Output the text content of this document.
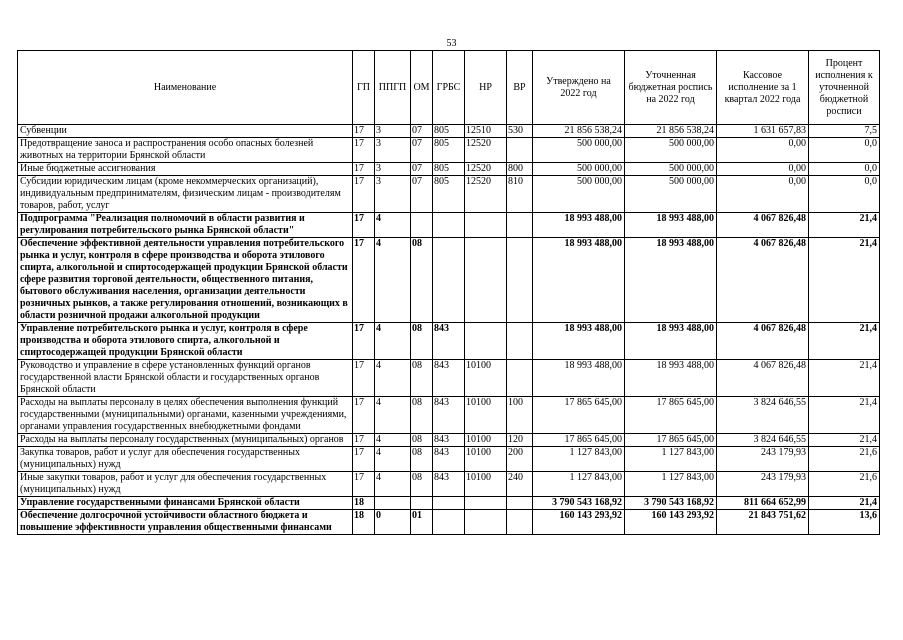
53
Наименование	ГП	ППГП	ОМ	ГРБС	НР	ВР	Утверждено на 2022 год	Уточненная бюджетная роспись на 2022 год	Кассовое исполнение за 1 квартал 2022 года	Процент исполнения к уточненной бюджетной росписи
Субвенции	17	3	07	805	12510	530	21 856 538,24	21 856 538,24	1 631 657,83	7,5
Предотвращение заноса и распространения особо опасных болезней животных на территории Брянской области	17	3	07	805	12520		500 000,00	500 000,00	0,00	0,0
Иные бюджетные ассигнования	17	3	07	805	12520	800	500 000,00	500 000,00	0,00	0,0
Субсидии юридическим лицам (кроме некоммерческих организаций), индивидуальным предпринимателям, физическим лицам - производителям товаров, работ, услуг	17	3	07	805	12520	810	500 000,00	500 000,00	0,00	0,0
Подпрограмма "Реализация полномочий в области развития и регулирования потребительского рынка Брянской области"	17	4					18 993 488,00	18 993 488,00	4 067 826,48	21,4
Обеспечение эффективной деятельности управления потребительского рынка и услуг, контроля в сфере производства и оборота этилового спирта, алкогольной и спиртосодержащей продукции Брянской области сфере развития торговой деятельности, общественного питания, бытового обслуживания населения, организации деятельности розничных рынков, а также регулирования отношений, возникающих в области розничной продажи алкогольной продукции	17	4	08				18 993 488,00	18 993 488,00	4 067 826,48	21,4
Управление потребительского рынка и услуг, контроля в сфере производства и оборота этилового спирта, алкогольной и спиртосодержащей продукции Брянской области	17	4	08	843			18 993 488,00	18 993 488,00	4 067 826,48	21,4
Руководство и управление в сфере установленных функций органов государственной власти Брянской области и государственных органов Брянской области	17	4	08	843	10100		18 993 488,00	18 993 488,00	4 067 826,48	21,4
Расходы на выплаты персоналу в целях обеспечения выполнения функций государственными (муниципальными) органами, казенными учреждениями, органами управления государственных внебюджетными фондами	17	4	08	843	10100	100	17 865 645,00	17 865 645,00	3 824 646,55	21,4
Расходы на выплаты персоналу государственных (муниципальных) органов	17	4	08	843	10100	120	17 865 645,00	17 865 645,00	3 824 646,55	21,4
Закупка товаров, работ и услуг для обеспечения государственных (муниципальных) нужд	17	4	08	843	10100	200	1 127 843,00	1 127 843,00	243 179,93	21,6
Иные закупки товаров, работ и услуг для обеспечения государственных (муниципальных) нужд	17	4	08	843	10100	240	1 127 843,00	1 127 843,00	243 179,93	21,6
Управление государственными финансами Брянской области	18						3 790 543 168,92	3 790 543 168,92	811 664 652,99	21,4
Обеспечение долгосрочной устойчивости областного бюджета и повышение эффективности управления общественными финансами	18	0	01				160 143 293,92	160 143 293,92	21 843 751,62	13,6
